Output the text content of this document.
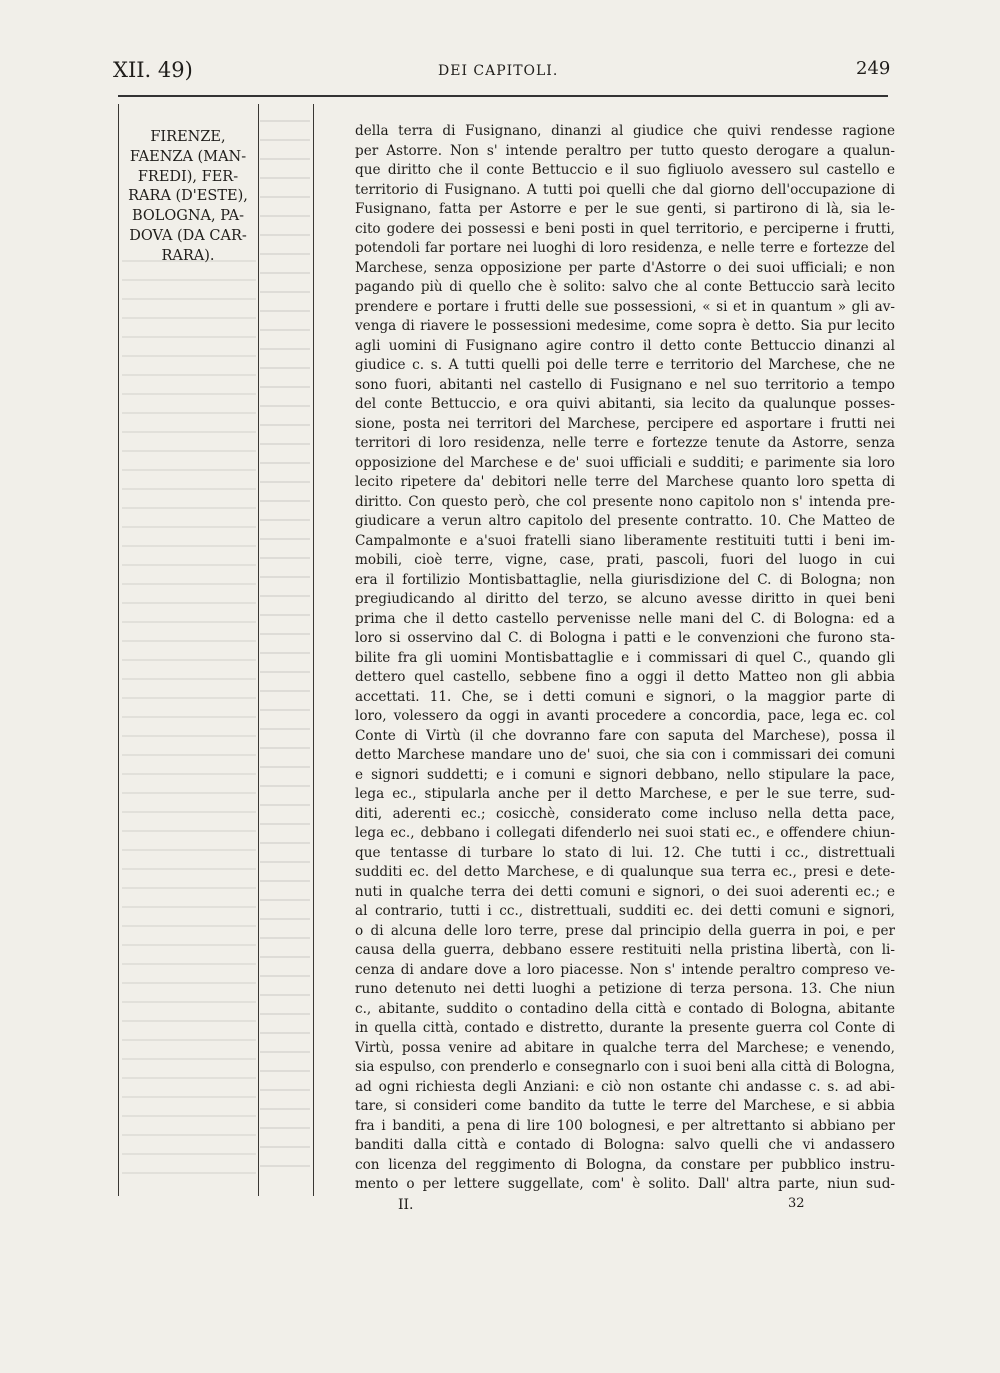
XII. 49)	DEI CAPITOLI.	249
FIRENZE,
FAENZA (MAN-
FREDI), FER-
RARA (D'ESTE),
BOLOGNA, PA-
DOVA (DA CAR-
RARA).
della terra di Fusignano, dinanzi al giudice che quivi rendesse ragione
per Astorre. Non s' intende peraltro per tutto questo derogare a qualun-
que diritto che il conte Bettuccio e il suo figliuolo avessero sul castello e
territorio di Fusignano. A tutti poi quelli che dal giorno dell'occupazione di
Fusignano, fatta per Astorre e per le sue genti, si partirono di là, sia le-
cito godere dei possessi e beni posti in quel territorio, e perciperne i frutti,
potendoli far portare nei luoghi di loro residenza, e nelle terre e fortezze del
Marchese, senza opposizione per parte d'Astorre o dei suoi ufficiali; e non
pagando più di quello che è solito: salvo che al conte Bettuccio sarà lecito
prendere e portare i frutti delle sue possessioni, « si et in quantum » gli av-
venga di riavere le possessioni medesime, come sopra è detto. Sia pur lecito
agli uomini di Fusignano agire contro il detto conte Bettuccio dinanzi al
giudice c. s. A tutti quelli poi delle terre e territorio del Marchese, che ne
sono fuori, abitanti nel castello di Fusignano e nel suo territorio a tempo
del conte Bettuccio, e ora quivi abitanti, sia lecito da qualunque posses-
sione, posta nei territori del Marchese, percipere ed asportare i frutti nei
territori di loro residenza, nelle terre e fortezze tenute da Astorre, senza
opposizione del Marchese e de' suoi ufficiali e sudditi; e parimente sia loro
lecito ripetere da' debitori nelle terre del Marchese quanto loro spetta di
diritto. Con questo però, che col presente nono capitolo non s' intenda pre-
giudicare a verun altro capitolo del presente contratto. 10. Che Matteo de
Campalmonte e a'suoi fratelli siano liberamente restituiti tutti i beni im-
mobili, cioè terre, vigne, case, prati, pascoli, fuori del luogo in cui
era il fortilizio Montisbattaglie, nella giurisdizione del C. di Bologna; non
pregiudicando al diritto del terzo, se alcuno avesse diritto in quei beni
prima che il detto castello pervenisse nelle mani del C. di Bologna: ed a
loro si osservino dal C. di Bologna i patti e le convenzioni che furono sta-
bilite fra gli uomini Montisbattaglie e i commissari di quel C., quando gli
dettero quel castello, sebbene fino a oggi il detto Matteo non gli abbia
accettati. 11. Che, se i detti comuni e signori, o la maggior parte di
loro, volessero da oggi in avanti procedere a concordia, pace, lega ec. col
Conte di Virtù (il che dovranno fare con saputa del Marchese), possa il
detto Marchese mandare uno de' suoi, che sia con i commissari dei comuni
e signori suddetti; e i comuni e signori debbano, nello stipulare la pace,
lega ec., stipularla anche per il detto Marchese, e per le sue terre, sud-
diti, aderenti ec.; cosicchè, considerato come incluso nella detta pace,
lega ec., debbano i collegati difenderlo nei suoi stati ec., e offendere chiun-
que tentasse di turbare lo stato di lui. 12. Che tutti i cc., distrettuali
sudditi ec. del detto Marchese, e di qualunque sua terra ec., presi e dete-
nuti in qualche terra dei detti comuni e signori, o dei suoi aderenti ec.; e
al contrario, tutti i cc., distrettuali, sudditi ec. dei detti comuni e signori,
o di alcuna delle loro terre, prese dal principio della guerra in poi, e per
causa della guerra, debbano essere restituiti nella pristina libertà, con li-
cenza di andare dove a loro piacesse. Non s' intende peraltro compreso ve-
runo detenuto nei detti luoghi a petizione di terza persona. 13. Che niun
c., abitante, suddito o contadino della città e contado di Bologna, abitante
in quella città, contado e distretto, durante la presente guerra col Conte di
Virtù, possa venire ad abitare in qualche terra del Marchese; e venendo,
sia espulso, con prenderlo e consegnarlo con i suoi beni alla città di Bologna,
ad ogni richiesta degli Anziani: e ciò non ostante chi andasse c. s. ad abi-
tare, si consideri come bandito da tutte le terre del Marchese, e si abbia
fra i banditi, a pena di lire 100 bolognesi, e per altrettanto si abbiano per
banditi dalla città e contado di Bologna: salvo quelli che vi andassero
con licenza del reggimento di Bologna, da constare per pubblico instru-
mento o per lettere suggellate, com' è solito. Dall' altra parte, niun sud-
II.	32
